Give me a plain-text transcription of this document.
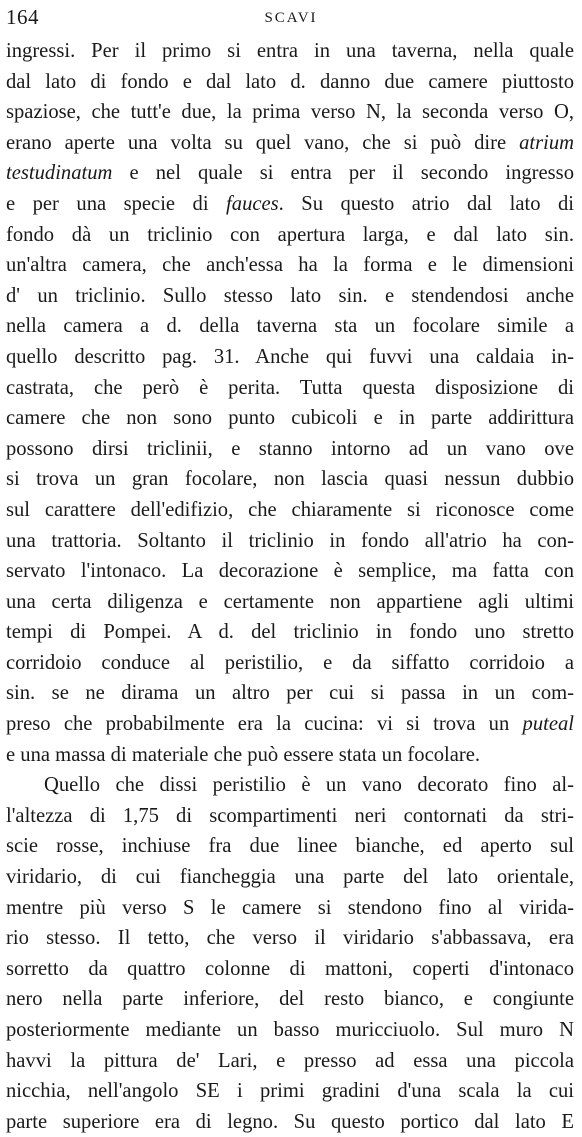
164	SCAVI
ingressi. Per il primo si entra in una taverna, nella quale
dal lato di fondo e dal lato d. danno due camere piuttosto
spaziose, che tutt'e due, la prima verso N, la seconda verso O,
erano aperte una volta su quel vano, che si può dire atrium
testudinatum e nel quale si entra per il secondo ingresso
e per una specie di fauces. Su questo atrio dal lato di
fondo dà un triclinio con apertura larga, e dal lato sin.
un'altra camera, che anch'essa ha la forma e le dimensioni
d' un triclinio. Sullo stesso lato sin. e stendendosi anche
nella camera a d. della taverna sta un focolare simile a
quello descritto pag. 31. Anche qui fuvvi una caldaia in-
castrata, che però è perita. Tutta questa disposizione di
camere che non sono punto cubicoli e in parte addirittura
possono dirsi triclinii, e stanno intorno ad un vano ove
si trova un gran focolare, non lascia quasi nessun dubbio
sul carattere dell'edifizio, che chiaramente si riconosce come
una trattoria. Soltanto il triclinio in fondo all'atrio ha con-
servato l'intonaco. La decorazione è semplice, ma fatta con
una certa diligenza e certamente non appartiene agli ultimi
tempi di Pompei. A d. del triclinio in fondo uno stretto
corridoio conduce al peristilio, e da siffatto corridoio a
sin. se ne dirama un altro per cui si passa in un com-
preso che probabilmente era la cucina: vi si trova un puteal
e una massa di materiale che può essere stata un focolare.
Quello che dissi peristilio è un vano decorato fino al-
l'altezza di 1,75 di scompartimenti neri contornati da stri-
scie rosse, inchiuse fra due linee bianche, ed aperto sul
viridario, di cui fiancheggia una parte del lato orientale,
mentre più verso S le camere si stendono fino al virida-
rio stesso. Il tetto, che verso il viridario s'abbassava, era
sorretto da quattro colonne di mattoni, coperti d'intonaco
nero nella parte inferiore, del resto bianco, e congiunte
posteriormente mediante un basso muricciuolo. Sul muro N
havvi la pittura de' Lari, e presso ad essa una piccola
nicchia, nell'angolo SE i primi gradini d'una scala la cui
parte superiore era di legno. Su questo portico dal lato E
